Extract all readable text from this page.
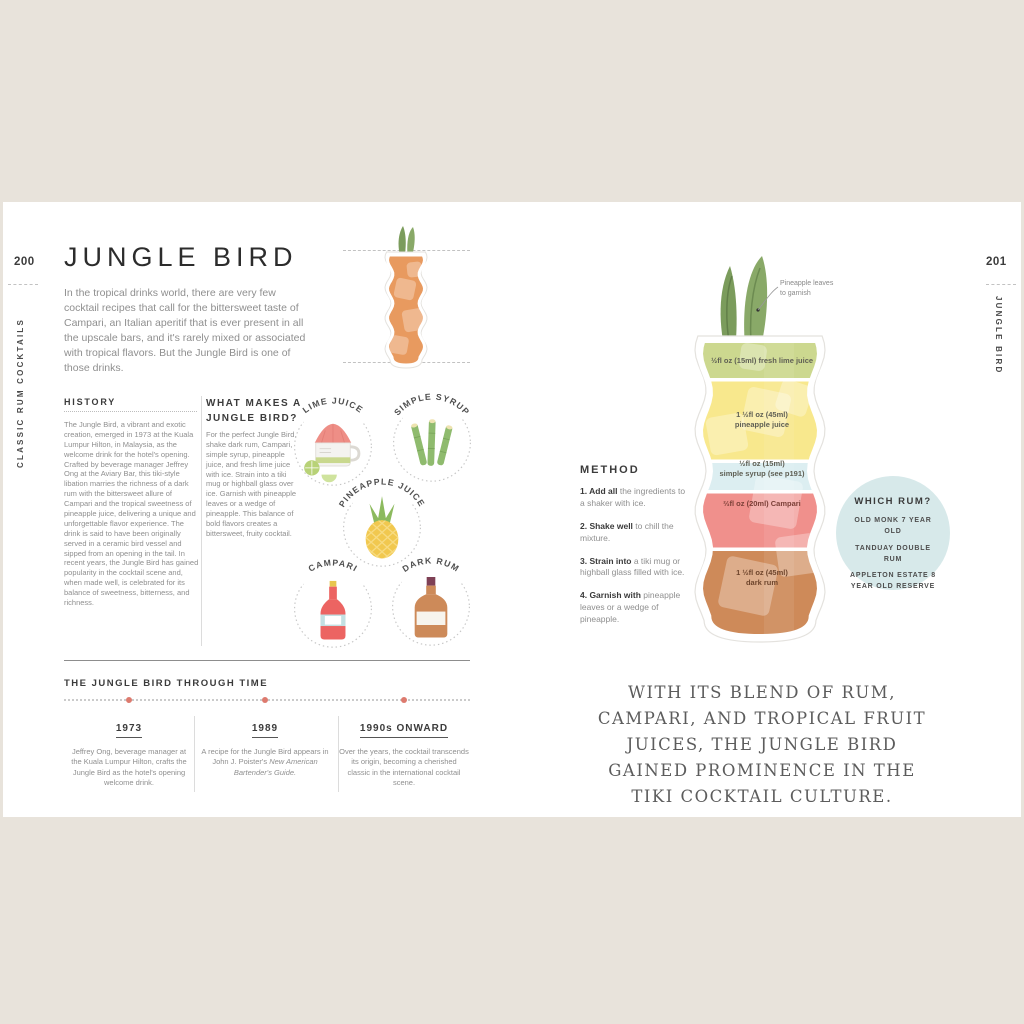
200
CLASSIC RUM COCKTAILS
JUNGLE BIRD
In the tropical drinks world, there are very few cocktail recipes that call for the bittersweet taste of Campari, an Italian aperitif that is ever present in all the upscale bars, and it's rarely mixed or associated with tropical flavors. But the Jungle Bird is one of those drinks.
HISTORY
The Jungle Bird, a vibrant and exotic creation, emerged in 1973 at the Kuala Lumpur Hilton, in Malaysia, as the welcome drink for the hotel's opening. Crafted by beverage manager Jeffrey Ong at the Aviary Bar, this tiki-style libation marries the richness of a dark rum with the bittersweet allure of Campari and the tropical sweetness of pineapple juice, delivering a unique and unforgettable flavor experience. The drink is said to have been originally served in a ceramic bird vessel and sipped from an opening in the tail. In recent years, the Jungle Bird has gained popularity in the cocktail scene and, when made well, is celebrated for its balance of sweetness, bitterness, and richness.
WHAT MAKES A
JUNGLE BIRD?
For the perfect Jungle Bird, shake dark rum, Campari, simple syrup, pineapple juice, and fresh lime juice with ice. Strain into a tiki mug or highball glass over ice. Garnish with pineapple leaves or a wedge of pineapple. This balance of bold flavors creates a bittersweet, fruity cocktail.
LIME JUICE	SIMPLE SYRUP
PINEAPPLE JUICE
CAMPARI	DARK RUM
THE JUNGLE BIRD THROUGH TIME
1973
Jeffrey Ong, beverage manager at the Kuala Lumpur Hilton, crafts the Jungle Bird as the hotel's opening welcome drink.
1989
A recipe for the Jungle Bird appears in John J. Poister's New American Bartender's Guide.
1990s ONWARD
Over the years, the cocktail transcends its origin, becoming a cherished classic in the international cocktail scene.
METHOD
1. Add all the ingredients to a shaker with ice.
2. Shake well to chill the mixture.
3. Strain into a tiki mug or highball glass filled with ice.
4. Garnish with pineapple leaves or a wedge of pineapple.
Pineapple leaves to garnish
½fl oz (15ml) fresh lime juice
1 ½fl oz (45ml)
pineapple juice
½fl oz (15ml)
simple syrup (see p191)
⅔fl oz (20ml) Campari
1 ½fl oz (45ml)
dark rum
WHICH RUM?
OLD MONK 7 YEAR OLD
TANDUAY DOUBLE RUM
APPLETON ESTATE 8 YEAR OLD RESERVE
WITH ITS BLEND OF RUM, CAMPARI, AND TROPICAL FRUIT JUICES, THE JUNGLE BIRD GAINED PROMINENCE IN THE TIKI COCKTAIL CULTURE.
201
JUNGLE BIRD
